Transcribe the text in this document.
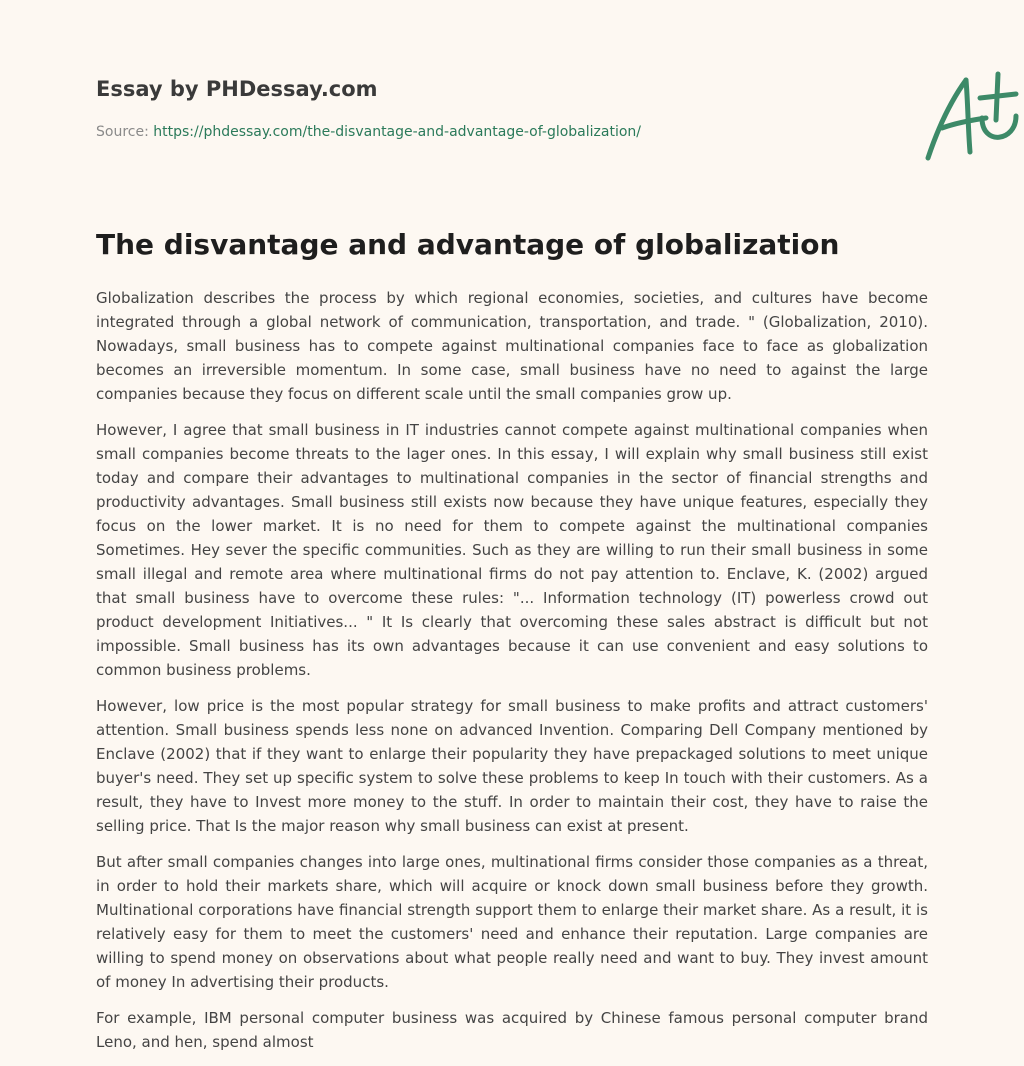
Essay by PHDessay.com
Source: https://phdessay.com/the-disvantage-and-advantage-of-globalization/
The disvantage and advantage of globalization

Globalization describes the process by which regional economies, societies, and cultures have become integrated through a global network of communication, transportation, and trade. " (Globalization, 2010). Nowadays, small business has to compete against multinational companies face to face as globalization becomes an irreversible momentum. In some case, small business have no need to against the large companies because they focus on different scale until the small companies grow up.

However, I agree that small business in IT industries cannot compete against multinational companies when small companies become threats to the lager ones. In this essay, I will explain why small business still exist today and compare their advantages to multinational companies in the sector of financial strengths and productivity advantages. Small business still exists now because they have unique features, especially they focus on the lower market. It is no need for them to compete against the multinational companies Sometimes. Hey sever the specific communities. Such as they are willing to run their small business in some small illegal and remote area where multinational firms do not pay attention to. Enclave, K. (2002) argued that small business have to overcome these rules: "... Information technology (IT) powerless crowd out product development Initiatives... " It Is clearly that overcoming these sales abstract is difficult but not impossible. Small business has its own advantages because it can use convenient and easy solutions to common business problems.

However, low price is the most popular strategy for small business to make profits and attract customers' attention. Small business spends less none on advanced Invention. Comparing Dell Company mentioned by Enclave (2002) that if they want to enlarge their popularity they have prepackaged solutions to meet unique buyer's need. They set up specific system to solve these problems to keep In touch with their customers. As a result, they have to Invest more money to the stuff. In order to maintain their cost, they have to raise the selling price. That Is the major reason why small business can exist at present.

But after small companies changes into large ones, multinational firms consider those companies as a threat, in order to hold their markets share, which will acquire or knock down small business before they growth. Multinational corporations have financial strength support them to enlarge their market share. As a result, it is relatively easy for them to meet the customers' need and enhance their reputation. Large companies are willing to spend money on observations about what people really need and want to buy. They invest amount of money In advertising their products.

For example, IBM personal computer business was acquired by Chinese famous personal computer brand Leno, and hen, spend almost
